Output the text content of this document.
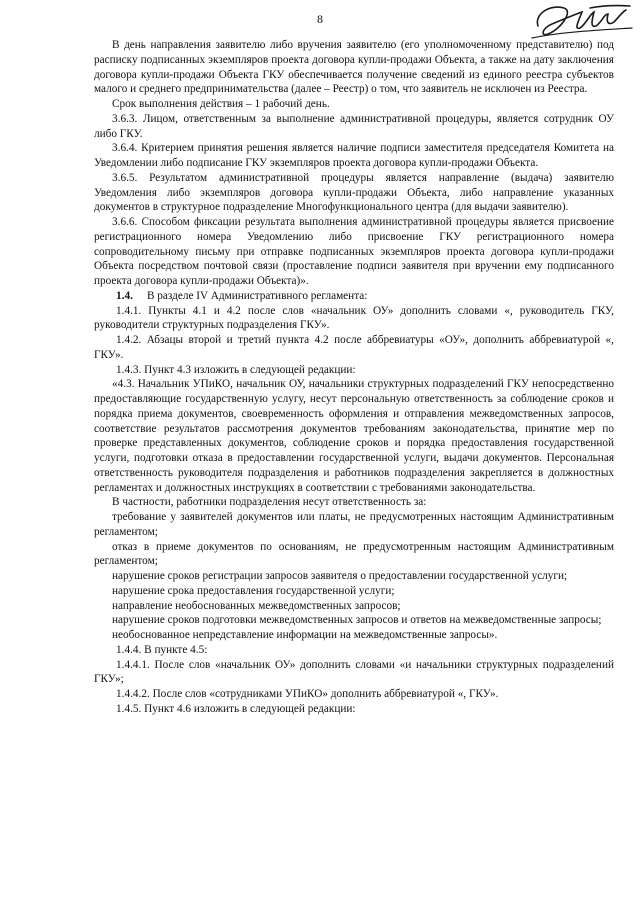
8

В день направления заявителю либо вручения заявителю (его уполномоченному представителю) под расписку подписанных экземпляров проекта договора купли-продажи Объекта, а также на дату заключения договора купли-продажи Объекта ГКУ обеспечивается получение сведений из единого реестра субъектов малого и среднего предпринимательства (далее – Реестр) о том, что заявитель не исключен из Реестра.

Срок выполнения действия – 1 рабочий день.

3.6.3. Лицом, ответственным за выполнение административной процедуры, является сотрудник ОУ либо ГКУ.

3.6.4. Критерием принятия решения является наличие подписи заместителя председателя Комитета на Уведомлении либо подписание ГКУ экземпляров проекта договора купли-продажи Объекта.

3.6.5. Результатом административной процедуры является направление (выдача) заявителю Уведомления либо экземпляров договора купли-продажи Объекта, либо направление указанных документов в структурное подразделение Многофункционального центра (для выдачи заявителю).

3.6.6. Способом фиксации результата выполнения административной процедуры является присвоение регистрационного номера Уведомлению либо присвоение ГКУ регистрационного номера сопроводительному письму при отправке подписанных экземпляров проекта договора купли-продажи Объекта посредством почтовой связи (проставление подписи заявителя при вручении ему подписанного проекта договора купли-продажи Объекта)».

1.4. В разделе IV Административного регламента:

1.4.1. Пункты 4.1 и 4.2 после слов «начальник ОУ» дополнить словами «, руководитель ГКУ, руководители структурных подразделения ГКУ».

1.4.2. Абзацы второй и третий пункта 4.2 после аббревиатуры «ОУ», дополнить аббревиатурой «, ГКУ».

1.4.3. Пункт 4.3 изложить в следующей редакции:

«4.3. Начальник УПиКО, начальник ОУ, начальники структурных подразделений ГКУ непосредственно предоставляющие государственную услугу, несут персональную ответственность за соблюдение сроков и порядка приема документов, своевременность оформления и отправления межведомственных запросов, соответствие результатов рассмотрения документов требованиям законодательства, принятие мер по проверке представленных документов, соблюдение сроков и порядка предоставления государственной услуги, подготовки отказа в предоставлении государственной услуги, выдачи документов. Персональная ответственность руководителя подразделения и работников подразделения закрепляется в должностных регламентах и должностных инструкциях в соответствии с требованиями законодательства.

В частности, работники подразделения несут ответственность за:

требование у заявителей документов или платы, не предусмотренных настоящим Административным регламентом;

отказ в приеме документов по основаниям, не предусмотренным настоящим Административным регламентом;

нарушение сроков регистрации запросов заявителя о предоставлении государственной услуги;

нарушение срока предоставления государственной услуги;

направление необоснованных межведомственных запросов;

нарушение сроков подготовки межведомственных запросов и ответов на межведомственные запросы;

необоснованное непредставление информации на межведомственные запросы».

1.4.4. В пункте 4.5:

1.4.4.1. После слов «начальник ОУ» дополнить словами «и начальники структурных подразделений ГКУ»;

1.4.4.2. После слов «сотрудниками УПиКО» дополнить аббревиатурой «, ГКУ».

1.4.5. Пункт 4.6 изложить в следующей редакции:
